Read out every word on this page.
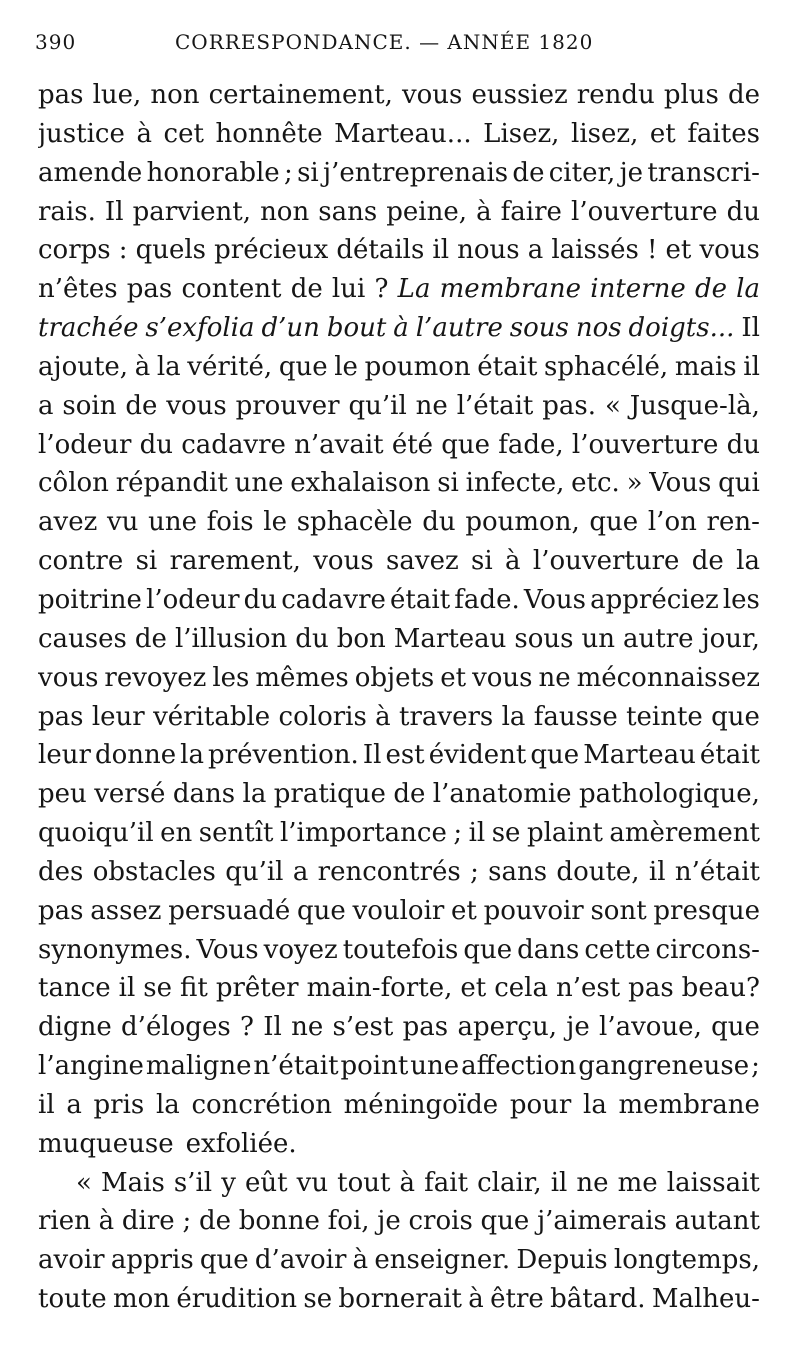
390	CORRESPONDANCE. — ANNÉE 1820
pas lue, non certainement, vous eussiez rendu plus de
justice à cet honnête Marteau... Lisez, lisez, et faites
amende honorable ; si j’entreprenais de citer, je transcri-
rais. Il parvient, non sans peine, à faire l’ouverture du
corps : quels précieux détails il nous a laissés ! et vous
n’êtes pas content de lui ? La membrane interne de la
trachée s’exfolia d’un bout à l’autre sous nos doigts... Il
ajoute, à la vérité, que le poumon était sphacélé, mais il
a soin de vous prouver qu’il ne l’était pas. « Jusque-là,
l’odeur du cadavre n’avait été que fade, l’ouverture du
côlon répandit une exhalaison si infecte, etc. » Vous qui
avez vu une fois le sphacèle du poumon, que l’on ren-
contre si rarement, vous savez si à l’ouverture de la
poitrine l’odeur du cadavre était fade. Vous appréciez les
causes de l’illusion du bon Marteau sous un autre jour,
vous revoyez les mêmes objets et vous ne méconnaissez
pas leur véritable coloris à travers la fausse teinte que
leur donne la prévention. Il est évident que Marteau était
peu versé dans la pratique de l’anatomie pathologique,
quoiqu’il en sentît l’importance ; il se plaint amèrement
des obstacles qu’il a rencontrés ; sans doute, il n’était
pas assez persuadé que vouloir et pouvoir sont presque
synonymes. Vous voyez toutefois que dans cette circons-
tance il se fit prêter main-forte, et cela n’est pas beau?
digne d’éloges ? Il ne s’est pas aperçu, je l’avoue, que
l’angine maligne n’était point une affection gangreneuse ;
il a pris la concrétion méningoïde pour la membrane
muqueuse exfoliée.
« Mais s’il y eût vu tout à fait clair, il ne me laissait
rien à dire ; de bonne foi, je crois que j’aimerais autant
avoir appris que d’avoir à enseigner. Depuis longtemps,
toute mon érudition se bornerait à être bâtard. Malheu-
